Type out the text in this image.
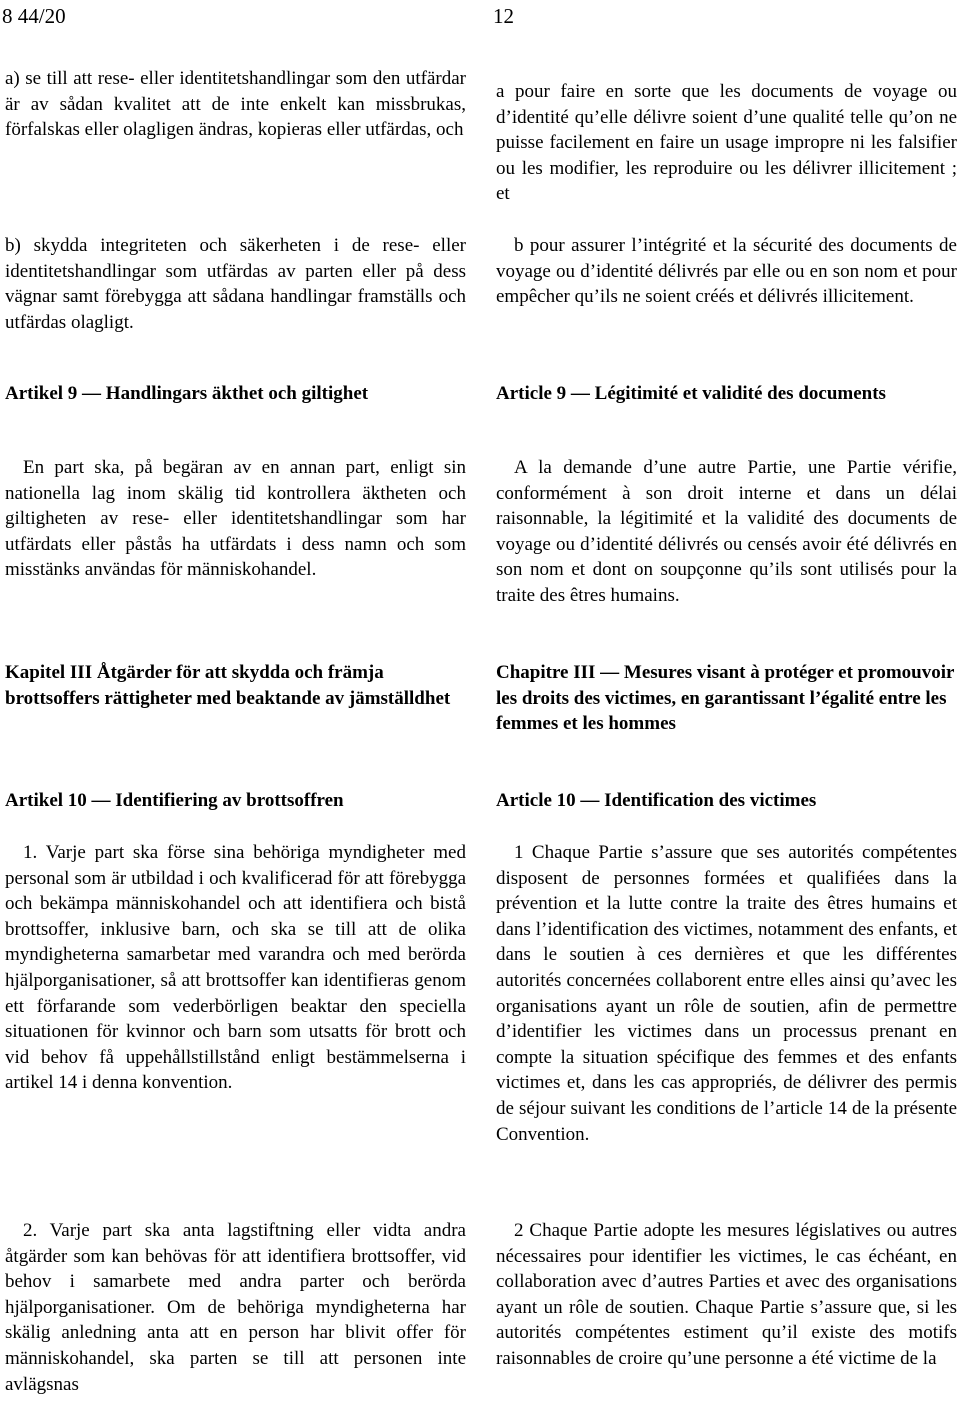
8 44/20	12
a) se till att rese- eller identitetshandlingar som den utfärdar är av sådan kvalitet att de inte enkelt kan missbrukas, förfalskas eller olagligen ändras, kopieras eller utfärdas, och
b) skydda integriteten och säkerheten i de rese- eller identitetshandlingar som utfärdas av parten eller på dess vägnar samt förebygga att sådana handlingar framställs och utfärdas olagligt.
Artikel 9 — Handlingars äkthet och giltighet
En part ska, på begäran av en annan part, enligt sin nationella lag inom skälig tid kontrollera äktheten och giltigheten av rese- eller identitetshandlingar som har utfärdats eller påstås ha utfärdats i dess namn och som misstänks användas för människohandel.
Kapitel III Åtgärder för att skydda och främja brottsoffers rättigheter med beaktande av jämställdhet
Artikel 10 — Identifiering av brottsoffren
1. Varje part ska förse sina behöriga myndigheter med personal som är utbildad i och kvalificerad för att förebygga och bekämpa människohandel och att identifiera och bistå brottsoffer, inklusive barn, och ska se till att de olika myndigheterna samarbetar med varandra och med berörda hjälporganisationer, så att brottsoffer kan identifieras genom ett förfarande som vederbörligen beaktar den speciella situationen för kvinnor och barn som utsatts för brott och vid behov få uppehållstillstånd enligt bestämmelserna i artikel 14 i denna konvention.
2. Varje part ska anta lagstiftning eller vidta andra åtgärder som kan behövas för att identifiera brottsoffer, vid behov i samarbete med andra parter och berörda hjälporganisationer. Om de behöriga myndigheterna har skälig anledning anta att en person har blivit offer för människohandel, ska parten se till att personen inte avlägsnas
a pour faire en sorte que les documents de voyage ou d’identité qu’elle délivre soient d’une qualité telle qu’on ne puisse facilement en faire un usage impropre ni les falsifier ou les modifier, les reproduire ou les délivrer illicitement ; et
b pour assurer l’intégrité et la sécurité des documents de voyage ou d’identité délivrés par elle ou en son nom et pour empêcher qu’ils ne soient créés et délivrés illicitement.
Article 9 — Légitimité et validité des documents
A la demande d’une autre Partie, une Partie vérifie, conformément à son droit interne et dans un délai raisonnable, la légitimité et la validité des documents de voyage ou d’identité délivrés ou censés avoir été délivrés en son nom et dont on soupçonne qu’ils sont utilisés pour la traite des êtres humains.
Chapitre III — Mesures visant à protéger et promouvoir les droits des victimes, en garantissant l’égalité entre les femmes et les hommes
Article 10 — Identification des victimes
1 Chaque Partie s’assure que ses autorités compétentes disposent de personnes formées et qualifiées dans la prévention et la lutte contre la traite des êtres humains et dans l’identification des victimes, notamment des enfants, et dans le soutien à ces dernières et que les différentes autorités concernées collaborent entre elles ainsi qu’avec les organisations ayant un rôle de soutien, afin de permettre d’identifier les victimes dans un processus prenant en compte la situation spécifique des femmes et des enfants victimes et, dans les cas appropriés, de délivrer des permis de séjour suivant les conditions de l’article 14 de la présente Convention.
2 Chaque Partie adopte les mesures législatives ou autres nécessaires pour identifier les victimes, le cas échéant, en collaboration avec d’autres Parties et avec des organisations ayant un rôle de soutien. Chaque Partie s’assure que, si les autorités compétentes estiment qu’il existe des motifs raisonnables de croire qu’une personne a été victime de la
